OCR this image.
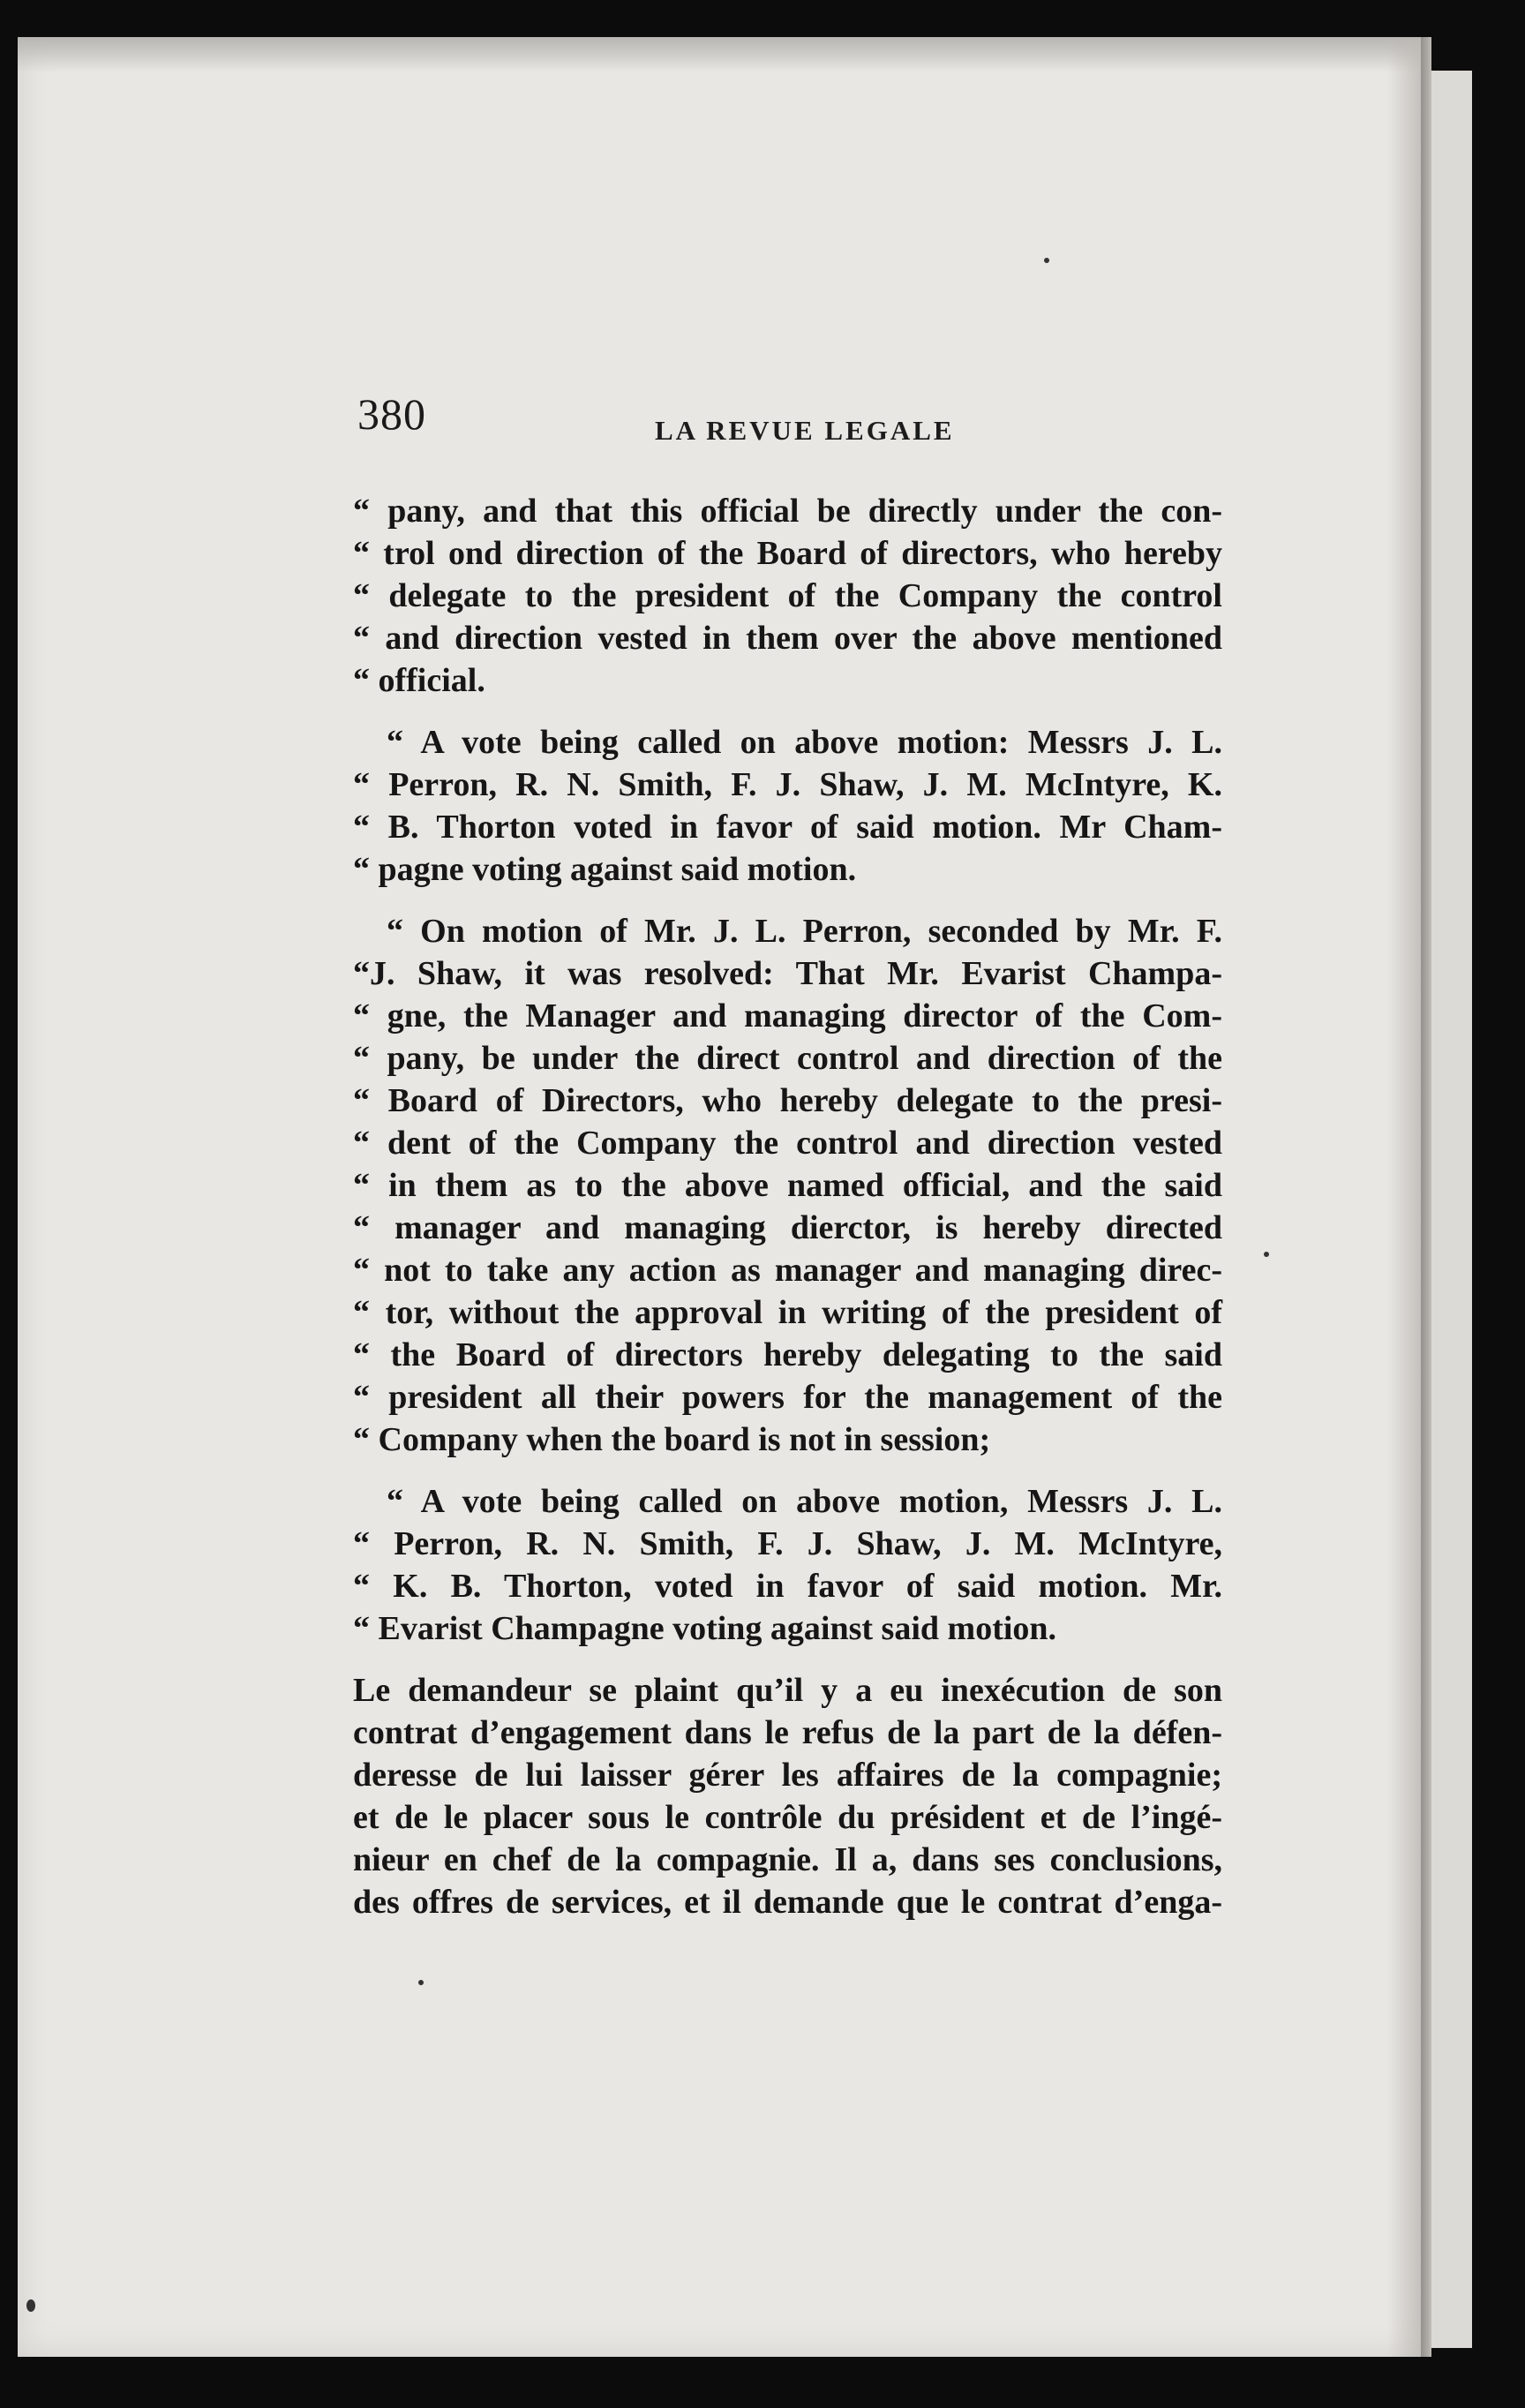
380	LA REVUE LEGALE

“ pany, and that this official be directly under the con-
“ trol ond direction of the Board of directors, who hereby
“ delegate to the president of the Company the control
“ and direction vested in them over the above mentioned
“ official.

“ A vote being called on above motion: Messrs J. L.
“ Perron, R. N. Smith, F. J. Shaw, J. M. McIntyre, K.
“ B. Thorton voted in favor of said motion. Mr Cham-
“ pagne voting against said motion.

“ On motion of Mr. J. L. Perron, seconded by Mr. F.
“J. Shaw, it was resolved: That Mr. Evarist Champa-
“ gne, the Manager and managing director of the Com-
“ pany, be under the direct control and direction of the
“ Board of Directors, who hereby delegate to the presi-
“ dent of the Company the control and direction vested
“ in them as to the above named official, and the said
“ manager and managing dierctor, is hereby directed
“ not to take any action as manager and managing direc-
“ tor, without the approval in writing of the president of
“ the Board of directors hereby delegating to the said
“ president all their powers for the management of the
“ Company when the board is not in session;

“ A vote being called on above motion, Messrs J. L.
“ Perron, R. N. Smith, F. J. Shaw, J. M. McIntyre,
“ K. B. Thorton, voted in favor of said motion. Mr.
“ Evarist Champagne voting against said motion.

Le demandeur se plaint qu’il y a eu inexécution de son
contrat d’engagement dans le refus de la part de la défen-
deresse de lui laisser gérer les affaires de la compagnie;
et de le placer sous le contrôle du président et de l’ingé-
nieur en chef de la compagnie. Il a, dans ses conclusions,
des offres de services, et il demande que le contrat d’enga-
